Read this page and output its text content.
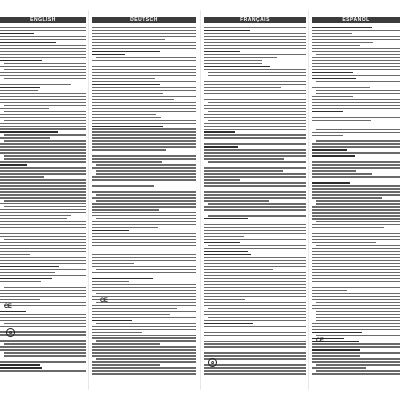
ENGLISH	DEUTSCH	FRANÇAIS	ESPAÑOL
CE
♻
CE
♻
CE
